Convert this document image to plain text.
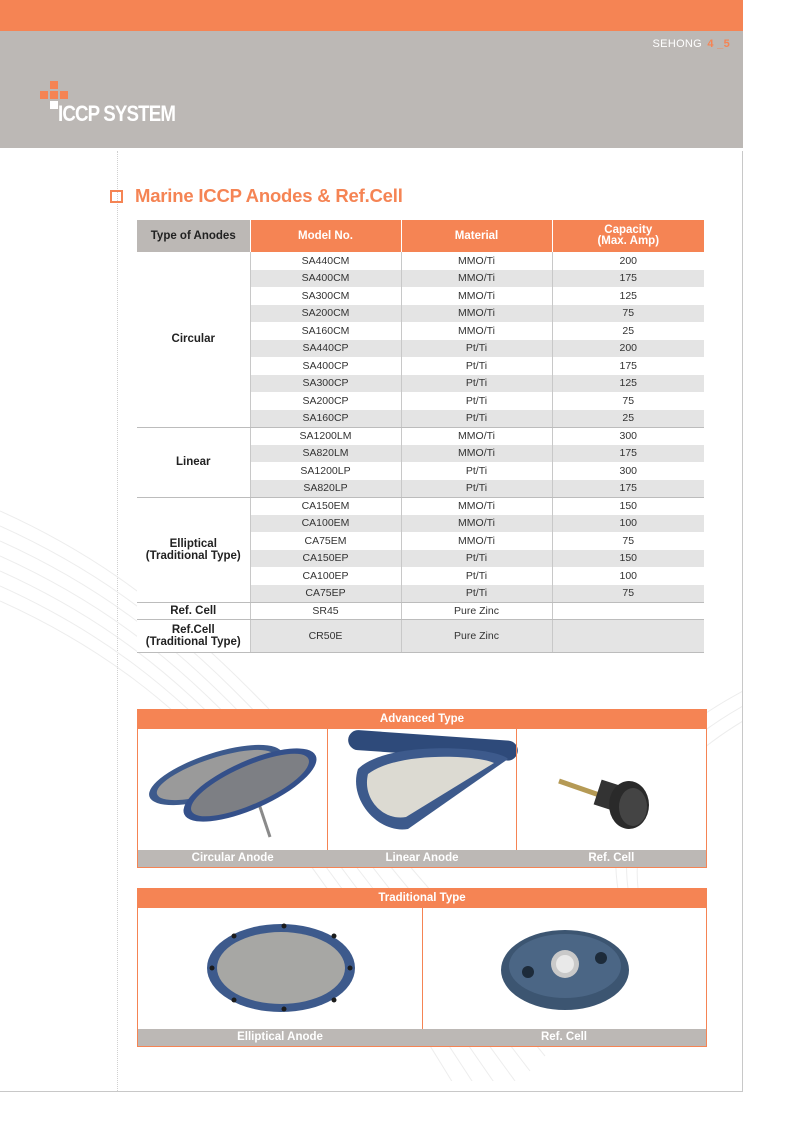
SEHONG 4 _5
ICCP SYSTEM
Marine ICCP Anodes & Ref.Cell
Type of Anodes	Model No.	Material	Capacity
(Max. Amp)

Circular	SA440CM	MMO/Ti	200
	SA400CM	MMO/Ti	175
	SA300CM	MMO/Ti	125
	SA200CM	MMO/Ti	75
	SA160CM	MMO/Ti	25
	SA440CP	Pt/Ti	200
	SA400CP	Pt/Ti	175
	SA300CP	Pt/Ti	125
	SA200CP	Pt/Ti	75
	SA160CP	Pt/Ti	25

Linear	SA1200LM	MMO/Ti	300
	SA820LM	MMO/Ti	175
	SA1200LP	Pt/Ti	300
	SA820LP	Pt/Ti	175

Elliptical
(Traditional Type)	CA150EM	MMO/Ti	150
	CA100EM	MMO/Ti	100
	CA75EM	MMO/Ti	75
	CA150EP	Pt/Ti	150
	CA100EP	Pt/Ti	100
	CA75EP	Pt/Ti	75

Ref. Cell	SR45	Pure Zinc	

Ref.Cell
(Traditional Type)	CR50E	Pure Zinc	
Advanced Type
Circular Anode	Linear Anode	Ref. Cell
Traditional Type
Elliptical Anode	Ref. Cell
